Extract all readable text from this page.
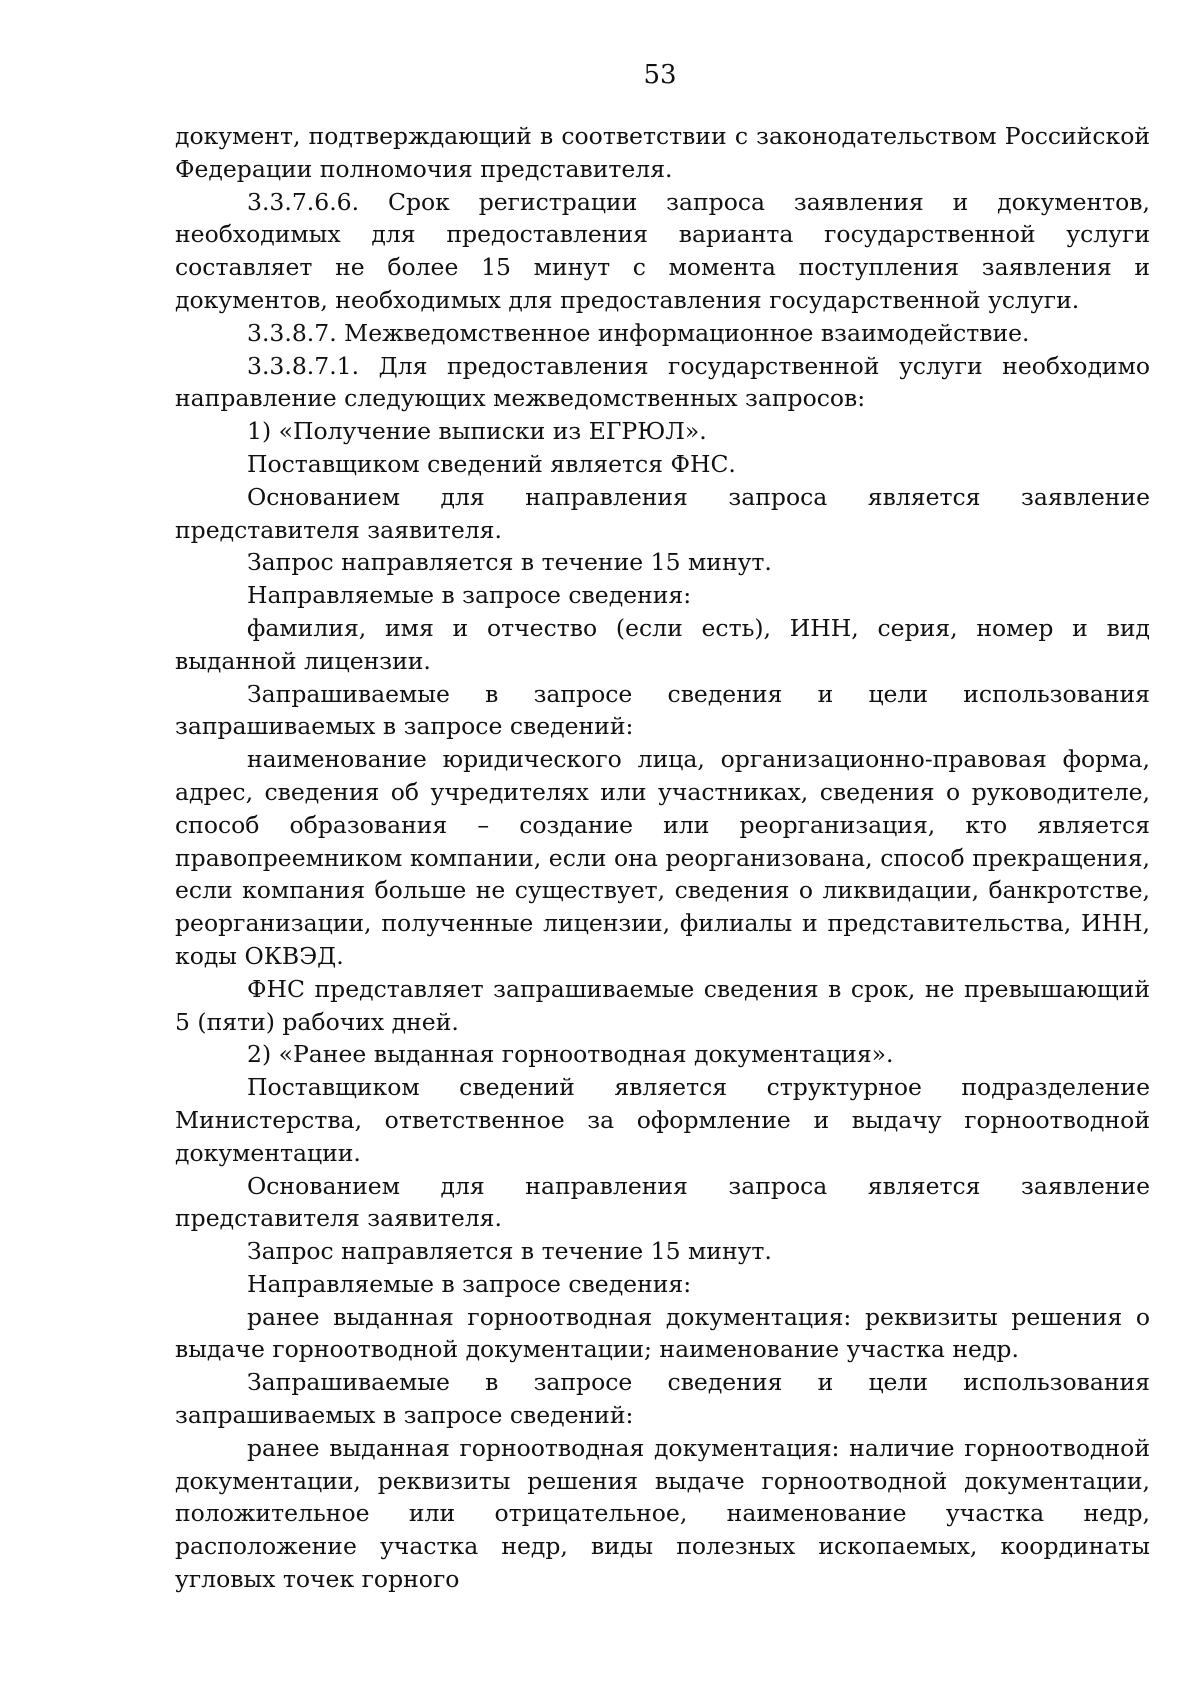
53

документ, подтверждающий в соответствии с законодательством Российской Федерации полномочия представителя.

3.3.7.6.6. Срок регистрации запроса заявления и документов, необходимых для предоставления варианта государственной услуги составляет не более 15 минут с момента поступления заявления и документов, необходимых для предоставления государственной услуги.

3.3.8.7. Межведомственное информационное взаимодействие.

3.3.8.7.1. Для предоставления государственной услуги необходимо направление следующих межведомственных запросов:

1) «Получение выписки из ЕГРЮЛ».

Поставщиком сведений является ФНС.

Основанием для направления запроса является заявление представителя заявителя.

Запрос направляется в течение 15 минут.

Направляемые в запросе сведения:

фамилия, имя и отчество (если есть), ИНН, серия, номер и вид выданной лицензии.

Запрашиваемые в запросе сведения и цели использования запрашиваемых в запросе сведений:

наименование юридического лица, организационно-правовая форма, адрес, сведения об учредителях или участниках, сведения о руководителе, способ образования – создание или реорганизация, кто является правопреемником компании, если она реорганизована, способ прекращения, если компания больше не существует, сведения о ликвидации, банкротстве, реорганизации, полученные лицензии, филиалы и представительства, ИНН, коды ОКВЭД.

ФНС представляет запрашиваемые сведения в срок, не превышающий 5 (пяти) рабочих дней.

2) «Ранее выданная горноотводная документация».

Поставщиком сведений является структурное подразделение Министерства, ответственное за оформление и выдачу горноотводной документации.

Основанием для направления запроса является заявление представителя заявителя.

Запрос направляется в течение 15 минут.

Направляемые в запросе сведения:

ранее выданная горноотводная документация: реквизиты решения о выдаче горноотводной документации; наименование участка недр.

Запрашиваемые в запросе сведения и цели использования запрашиваемых в запросе сведений:

ранее выданная горноотводная документация: наличие горноотводной документации, реквизиты решения выдаче горноотводной документации, положительное или отрицательное, наименование участка недр, расположение участка недр, виды полезных ископаемых, координаты угловых точек горного
